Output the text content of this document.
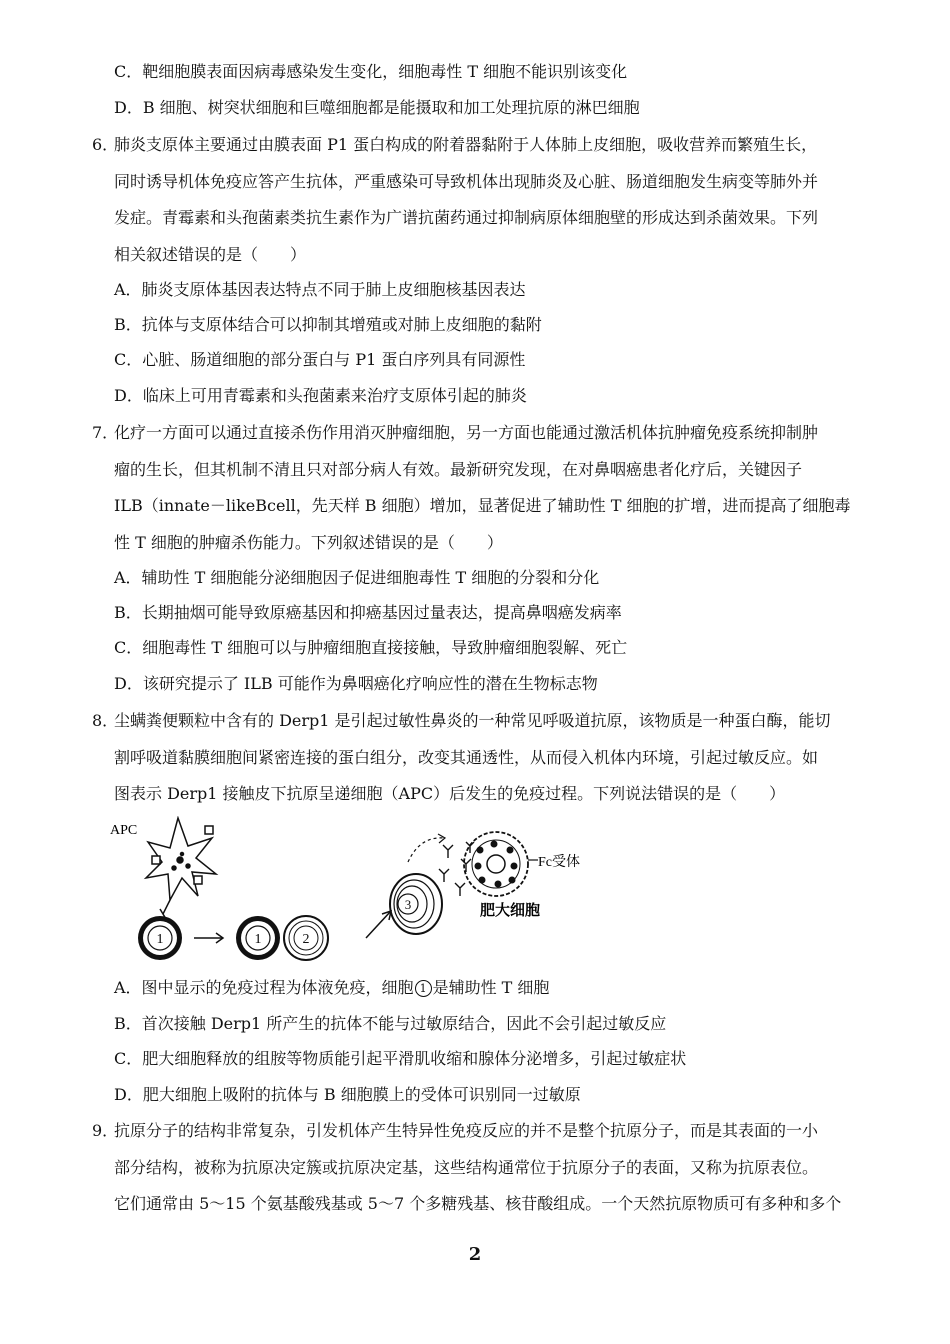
C．靶细胞膜表面因病毒感染发生变化，细胞毒性 T 细胞不能识别该变化
D．B 细胞、树突状细胞和巨噬细胞都是能摄取和加工处理抗原的淋巴细胞
6．肺炎支原体主要通过由膜表面 P1 蛋白构成的附着器黏附于人体肺上皮细胞，吸收营养而繁殖生长，
同时诱导机体免疫应答产生抗体，严重感染可导致机体出现肺炎及心脏、肠道细胞发生病变等肺外并
发症。青霉素和头孢菌素类抗生素作为广谱抗菌药通过抑制病原体细胞壁的形成达到杀菌效果。下列
相关叙述错误的是（　　）
A．肺炎支原体基因表达特点不同于肺上皮细胞核基因表达
B．抗体与支原体结合可以抑制其增殖或对肺上皮细胞的黏附
C．心脏、肠道细胞的部分蛋白与 P1 蛋白序列具有同源性
D．临床上可用青霉素和头孢菌素来治疗支原体引起的肺炎
7．化疗一方面可以通过直接杀伤作用消灭肿瘤细胞，另一方面也能通过激活机体抗肿瘤免疫系统抑制肿
瘤的生长，但其机制不清且只对部分病人有效。最新研究发现，在对鼻咽癌患者化疗后，关键因子
ILB（innate－likeBcell，先天样 B 细胞）增加，显著促进了辅助性 T 细胞的扩增，进而提高了细胞毒
性 T 细胞的肿瘤杀伤能力。下列叙述错误的是（　　）
A．辅助性 T 细胞能分泌细胞因子促进细胞毒性 T 细胞的分裂和分化
B．长期抽烟可能导致原癌基因和抑癌基因过量表达，提高鼻咽癌发病率
C．细胞毒性 T 细胞可以与肿瘤细胞直接接触，导致肿瘤细胞裂解、死亡
D．该研究提示了 ILB 可能作为鼻咽癌化疗响应性的潜在生物标志物
8．尘螨粪便颗粒中含有的 Derp1 是引起过敏性鼻炎的一种常见呼吸道抗原，该物质是一种蛋白酶，能切
割呼吸道黏膜细胞间紧密连接的蛋白组分，改变其通透性，从而侵入机体内环境，引起过敏反应。如
图表示 Derp1 接触皮下抗原呈递细胞（APC）后发生的免疫过程。下列说法错误的是（　　）
APC
1	1	2
3
Fc受体
肥大细胞
A．图中显示的免疫过程为体液免疫，细胞 1 是辅助性 T 细胞
B．首次接触 Derp1 所产生的抗体不能与过敏原结合，因此不会引起过敏反应
C．肥大细胞释放的组胺等物质能引起平滑肌收缩和腺体分泌增多，引起过敏症状
D．肥大细胞上吸附的抗体与 B 细胞膜上的受体可识别同一过敏原
9．抗原分子的结构非常复杂，引发机体产生特异性免疫反应的并不是整个抗原分子，而是其表面的一小
部分结构，被称为抗原决定簇或抗原决定基，这些结构通常位于抗原分子的表面，又称为抗原表位。
它们通常由 5～15 个氨基酸残基或 5～7 个多糖残基、核苷酸组成。一个天然抗原物质可有多种和多个
2
